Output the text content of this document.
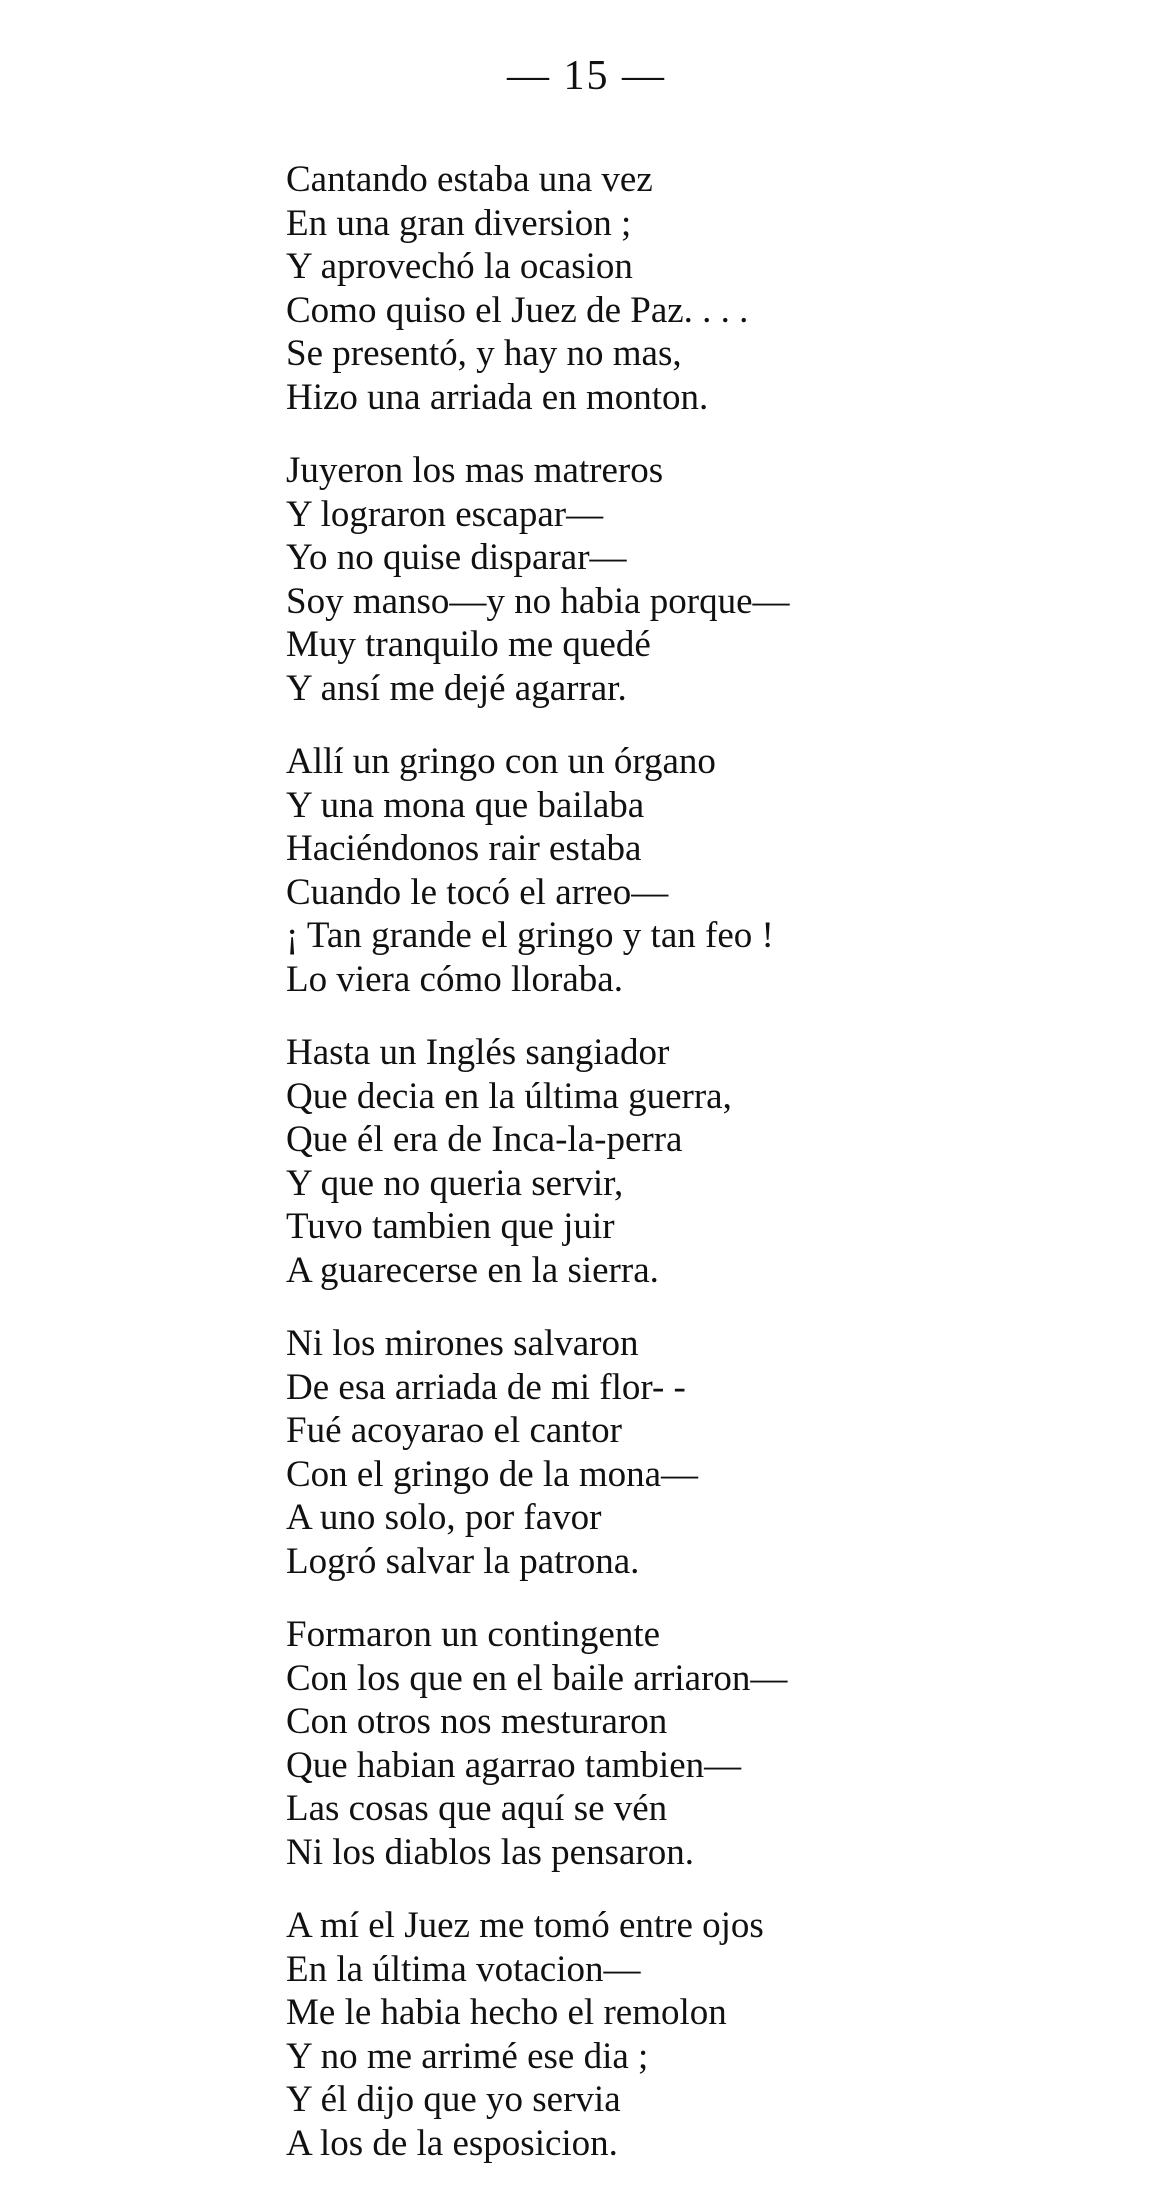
— 15 —
Cantando estaba una vez
En una gran diversion ;
Y aprovechó la ocasion
Como quiso el Juez de Paz. . . .
Se presentó, y hay no mas,
Hizo una arriada en monton.
Juyeron los mas matreros
Y lograron escapar—
Yo no quise disparar—
Soy manso—y no habia porque—
Muy tranquilo me quedé
Y ansí me dejé agarrar.
Allí un gringo con un órgano
Y una mona que bailaba
Haciéndonos rair estaba
Cuando le tocó el arreo—
¡ Tan grande el gringo y tan feo !
Lo viera cómo lloraba.
Hasta un Inglés sangiador
Que decia en la última guerra,
Que él era de Inca-la-perra
Y que no queria servir,
Tuvo tambien que juir
A guarecerse en la sierra.
Ni los mirones salvaron
De esa arriada de mi flor- -
Fué acoyarao el cantor
Con el gringo de la mona—
A uno solo, por favor
Logró salvar la patrona.
Formaron un contingente
Con los que en el baile arriaron—
Con otros nos mesturaron
Que habian agarrao tambien—
Las cosas que aquí se vén
Ni los diablos las pensaron.
A mí el Juez me tomó entre ojos
En la última votacion—
Me le habia hecho el remolon
Y no me arrimé ese dia ;
Y él dijo que yo servia
A los de la esposicion.
